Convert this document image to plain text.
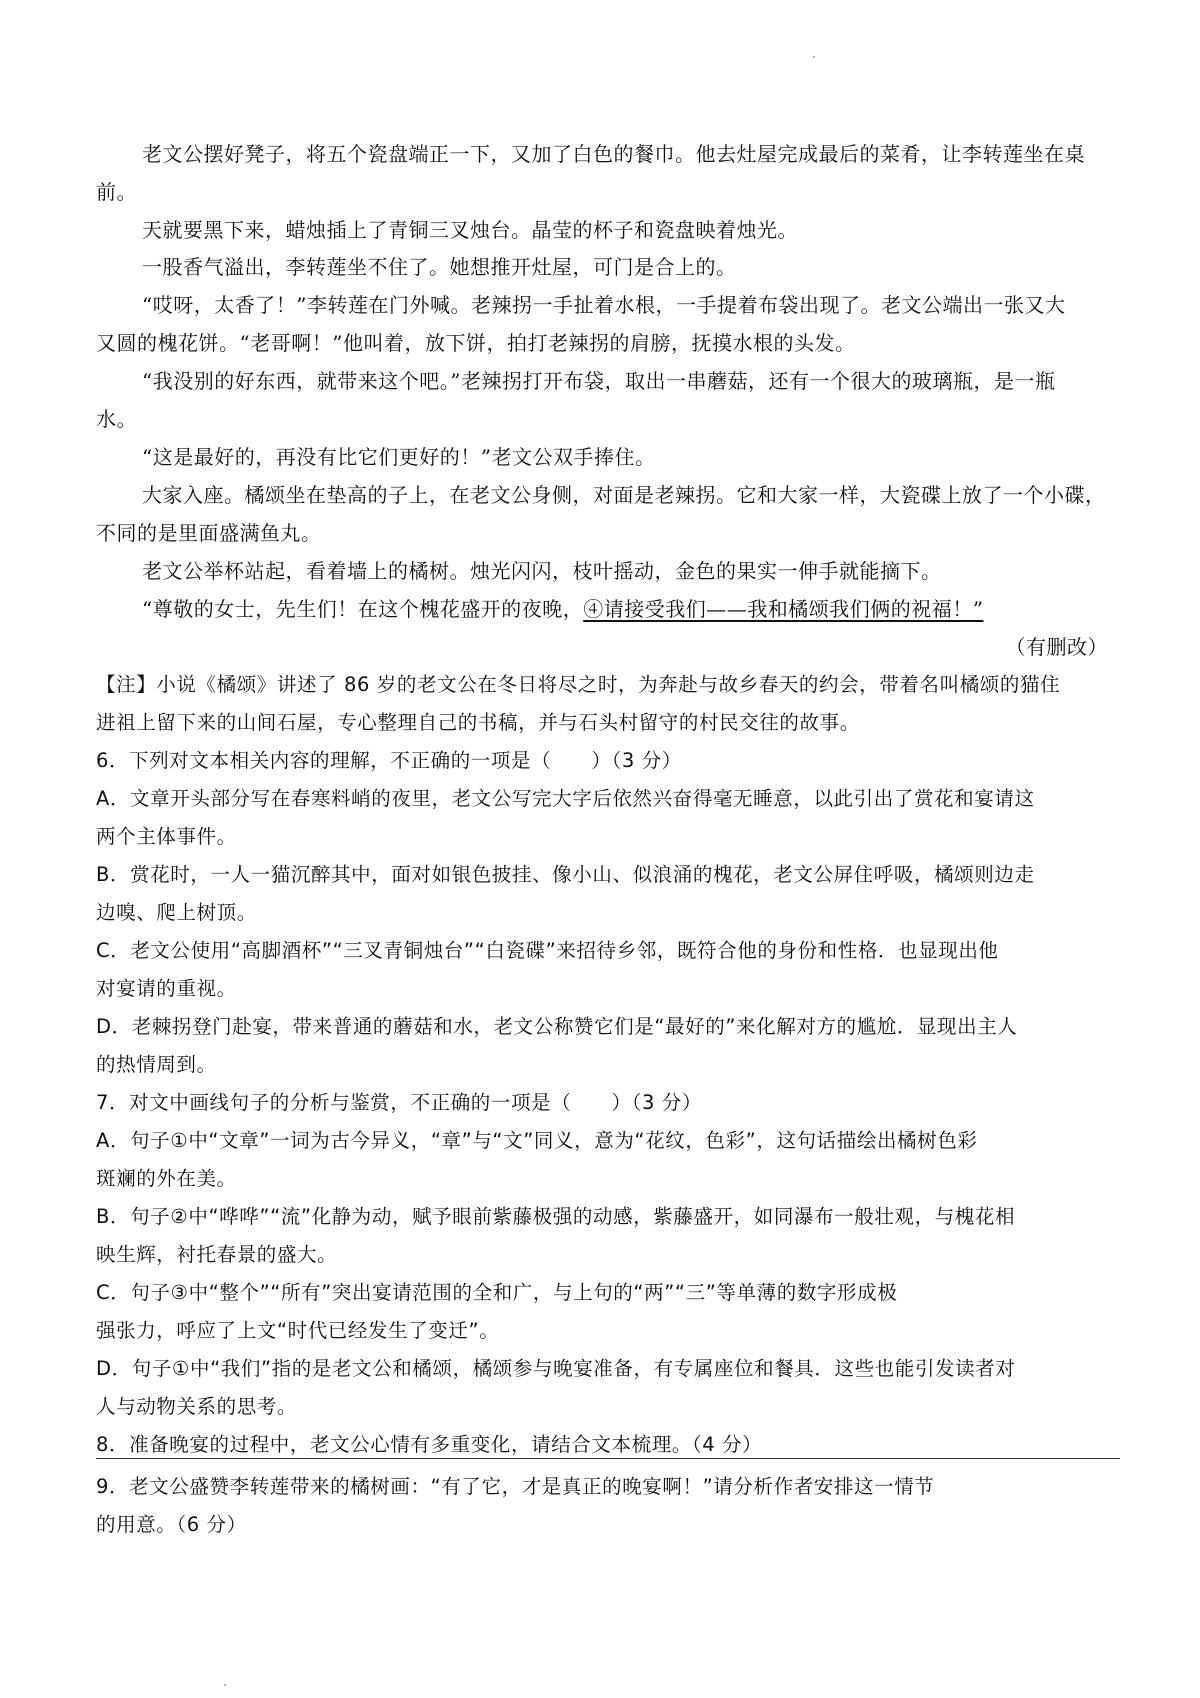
老文公摆好凳子，将五个瓷盘端正一下，又加了白色的餐巾。他去灶屋完成最后的菜肴，让李转莲坐在桌
前。
天就要黑下来，蜡烛插上了青铜三叉烛台。晶莹的杯子和瓷盘映着烛光。
一股香气溢出，李转莲坐不住了。她想推开灶屋，可门是合上的。
“哎呀，太香了！”李转莲在门外喊。老辣拐一手扯着水根，一手提着布袋出现了。老文公端出一张又大
又圆的槐花饼。“老哥啊！”他叫着，放下饼，拍打老辣拐的肩膀，抚摸水根的头发。
“我没别的好东西，就带来这个吧。”老辣拐打开布袋，取出一串蘑菇，还有一个很大的玻璃瓶，是一瓶
水。
“这是最好的，再没有比它们更好的！”老文公双手捧住。
大家入座。橘颂坐在垫高的子上，在老文公身侧，对面是老辣拐。它和大家一样，大瓷碟上放了一个小碟，
不同的是里面盛满鱼丸。
老文公举杯站起，看着墙上的橘树。烛光闪闪，枝叶摇动，金色的果实一伸手就能摘下。
“尊敬的女士，先生们！在这个槐花盛开的夜晚，④请接受我们——我和橘颂我们俩的祝福！”
（有删改）
【注】小说《橘颂》讲述了 86 岁的老文公在冬日将尽之时，为奔赴与故乡春天的约会，带着名叫橘颂的猫住
进祖上留下来的山间石屋，专心整理自己的书稿，并与石头村留守的村民交往的故事。
6．下列对文本相关内容的理解，不正确的一项是（　　）（3 分）
A．文章开头部分写在春寒料峭的夜里，老文公写完大字后依然兴奋得毫无睡意，以此引出了赏花和宴请这
两个主体事件。
B．赏花时，一人一猫沉醉其中，面对如银色披挂、像小山、似浪涌的槐花，老文公屏住呼吸，橘颂则边走
边嗅、爬上树顶。
C．老文公使用“高脚酒杯”“三叉青铜烛台”“白瓷碟”来招待乡邻，既符合他的身份和性格．也显现出他
对宴请的重视。
D．老棘拐登门赴宴，带来普通的蘑菇和水，老文公称赞它们是“最好的”来化解对方的尴尬．显现出主人
的热情周到。
7．对文中画线句子的分析与鉴赏，不正确的一项是（　　）（3 分）
A．句子①中“文章”一词为古今异义，“章”与“文”同义，意为“花纹，色彩”，这句话描绘出橘树色彩
斑斓的外在美。
B．句子②中“哗哗”“流”化静为动，赋予眼前紫藤极强的动感，紫藤盛开，如同瀑布一般壮观，与槐花相
映生辉，衬托春景的盛大。
C．句子③中“整个”“所有”突出宴请范围的全和广，与上句的“两”“三”等单薄的数字形成极
强张力，呼应了上文“时代已经发生了变迁”。
D．句子①中“我们”指的是老文公和橘颂，橘颂参与晚宴准备，有专属座位和餐具．这些也能引发读者对
人与动物关系的思考。
8．准备晚宴的过程中，老文公心情有多重变化，请结合文本梳理。（4 分）
9．老文公盛赞李转莲带来的橘树画：“有了它，才是真正的晚宴啊！”请分析作者安排这一情节
的用意。（6 分）
